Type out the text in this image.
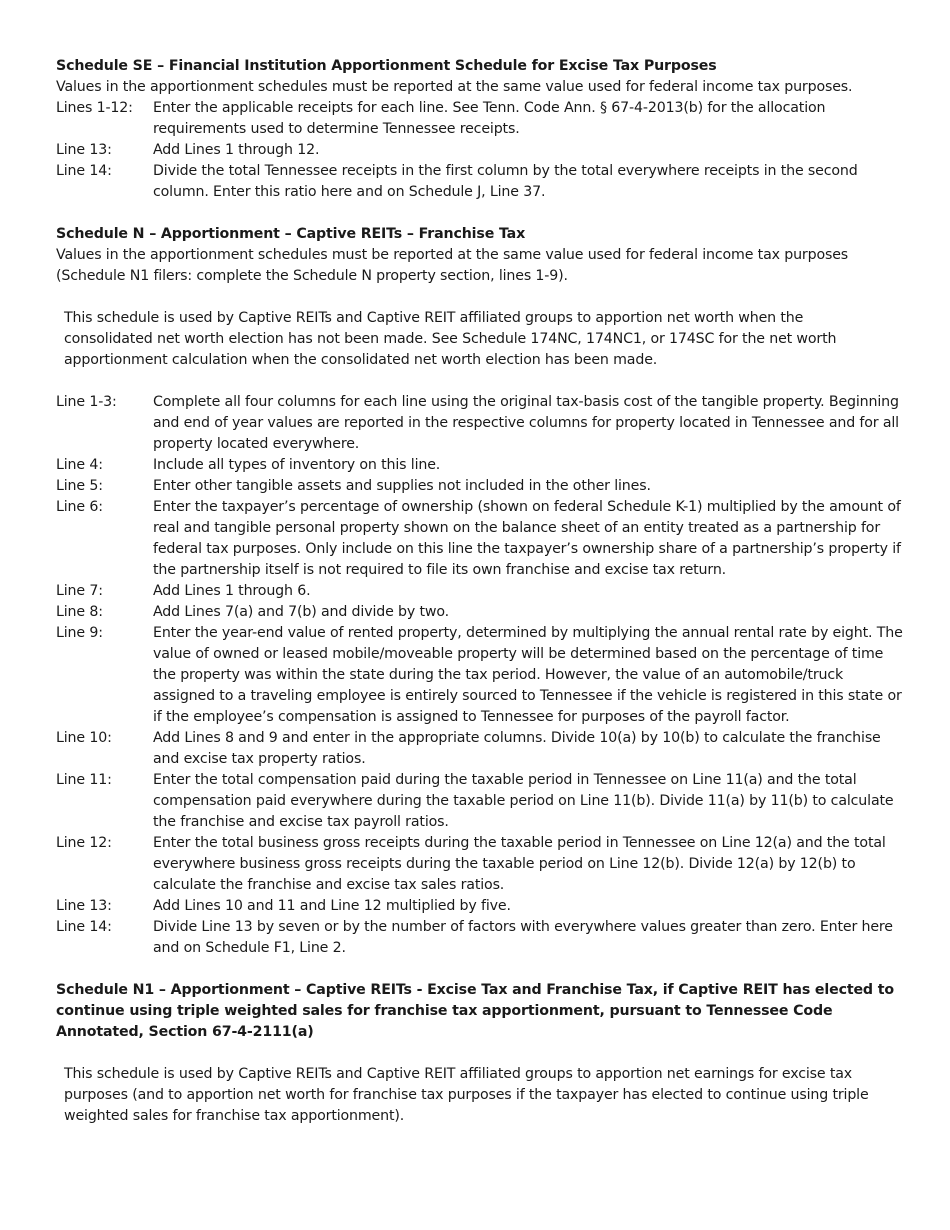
Schedule SE – Financial Institution Apportionment Schedule for Excise Tax Purposes

Values in the apportionment schedules must be reported at the same value used for federal income tax purposes.

Lines 1-12:	Enter the applicable receipts for each line. See Tenn. Code Ann. § 67-4-2013(b) for the allocation requirements used to determine Tennessee receipts.
Line 13:	Add Lines 1 through 12.
Line 14:	Divide the total Tennessee receipts in the first column by the total everywhere receipts in the second column. Enter this ratio here and on Schedule J, Line 37.

Schedule N – Apportionment – Captive REITs – Franchise Tax

Values in the apportionment schedules must be reported at the same value used for federal income tax purposes (Schedule N1 filers: complete the Schedule N property section, lines 1-9).

This schedule is used by Captive REITs and Captive REIT affiliated groups to apportion net worth when the consolidated net worth election has not been made. See Schedule 174NC, 174NC1, or 174SC for the net worth apportionment calculation when the consolidated net worth election has been made.

Line 1-3:	Complete all four columns for each line using the original tax-basis cost of the tangible property. Beginning and end of year values are reported in the respective columns for property located in Tennessee and for all property located everywhere.
Line 4:	Include all types of inventory on this line.
Line 5:	Enter other tangible assets and supplies not included in the other lines.
Line 6:	Enter the taxpayer’s percentage of ownership (shown on federal Schedule K-1) multiplied by the amount of real and tangible personal property shown on the balance sheet of an entity treated as a partnership for federal tax purposes. Only include on this line the taxpayer’s ownership share of a partnership’s property if the partnership itself is not required to file its own franchise and excise tax return.
Line 7:	Add Lines 1 through 6.
Line 8:	Add Lines 7(a) and 7(b) and divide by two.
Line 9:	Enter the year-end value of rented property, determined by multiplying the annual rental rate by eight. The value of owned or leased mobile/moveable property will be determined based on the percentage of time the property was within the state during the tax period. However, the value of an automobile/truck assigned to a traveling employee is entirely sourced to Tennessee if the vehicle is registered in this state or if the employee’s compensation is assigned to Tennessee for purposes of the payroll factor.
Line 10:	Add Lines 8 and 9 and enter in the appropriate columns. Divide 10(a) by 10(b) to calculate the franchise and excise tax property ratios.
Line 11:	Enter the total compensation paid during the taxable period in Tennessee on Line 11(a) and the total compensation paid everywhere during the taxable period on Line 11(b). Divide 11(a) by 11(b) to calculate the franchise and excise tax payroll ratios.
Line 12:	Enter the total business gross receipts during the taxable period in Tennessee on Line 12(a) and the total everywhere business gross receipts during the taxable period on Line 12(b). Divide 12(a) by 12(b) to calculate the franchise and excise tax sales ratios.
Line 13:	Add Lines 10 and 11 and Line 12 multiplied by five.
Line 14:	Divide Line 13 by seven or by the number of factors with everywhere values greater than zero. Enter here and on Schedule F1, Line 2.

Schedule N1 – Apportionment – Captive REITs - Excise Tax and Franchise Tax, if Captive REIT has elected to continue using triple weighted sales for franchise tax apportionment, pursuant to Tennessee Code Annotated, Section 67-4-2111(a)

This schedule is used by Captive REITs and Captive REIT affiliated groups to apportion net earnings for excise tax purposes (and to apportion net worth for franchise tax purposes if the taxpayer has elected to continue using triple weighted sales for franchise tax apportionment).
